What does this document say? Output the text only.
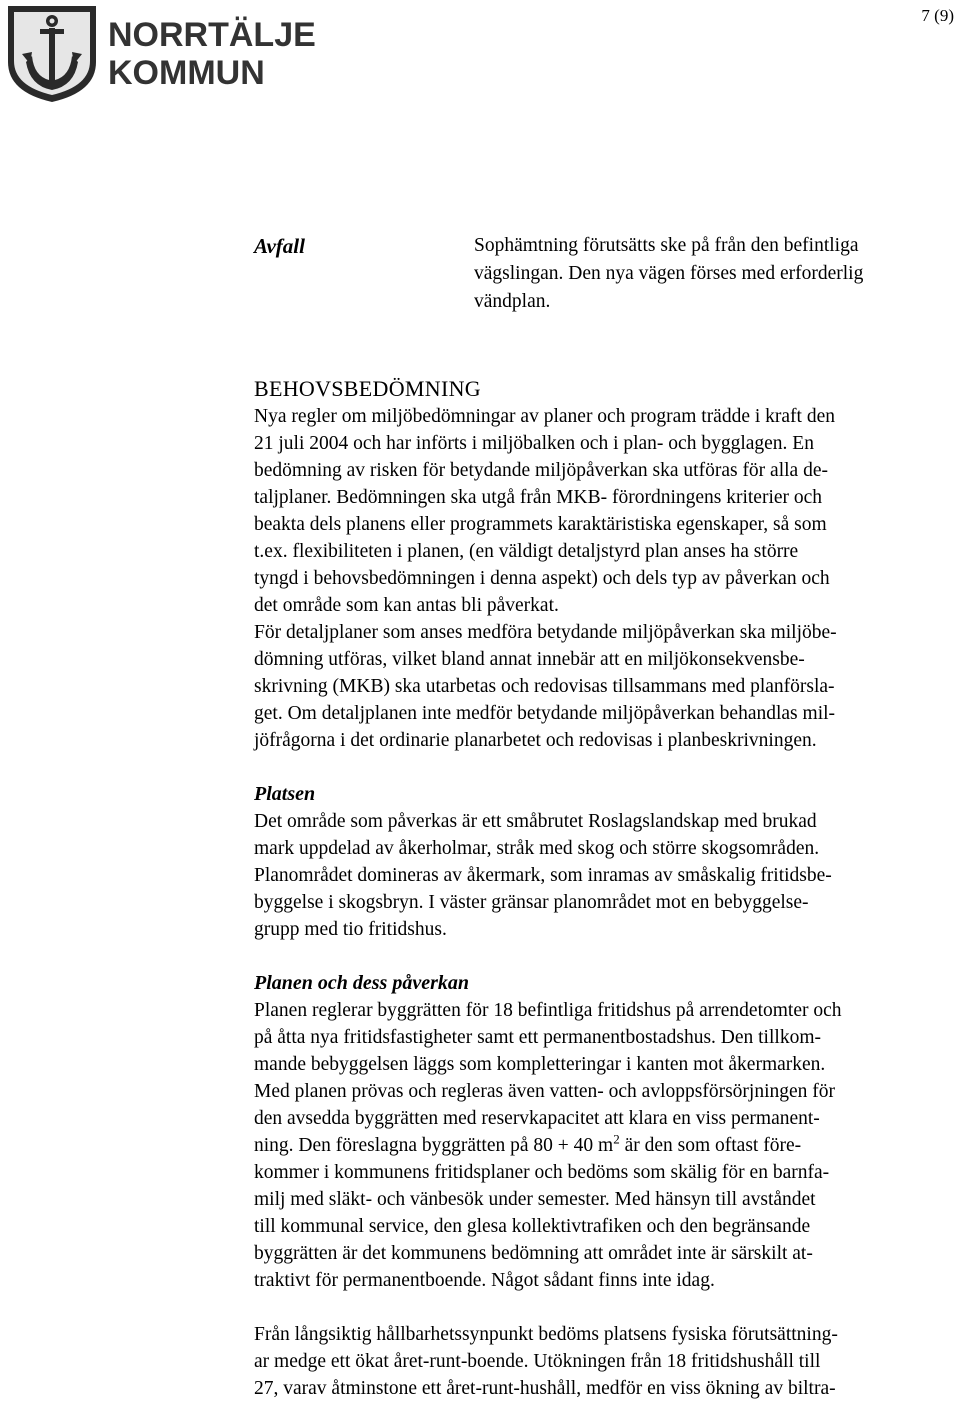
NORRTÄLJE
KOMMUN
7 (9)
Avfall	Sophämtning förutsätts ske på från den befintliga
vägslingan. Den nya vägen förses med erforderlig
vändplan.
BEHOVSBEDÖMNING

Nya regler om miljöbedömningar av planer och program trädde i kraft den
21 juli 2004 och har införts i miljöbalken och i plan- och bygglagen. En
bedömning av risken för betydande miljöpåverkan ska utföras för alla de-
taljplaner. Bedömningen ska utgå från MKB- förordningens kriterier och
beakta dels planens eller programmets karaktäristiska egenskaper, så som
t.ex. flexibiliteten i planen, (en väldigt detaljstyrd plan anses ha större
tyngd i behovsbedömningen i denna aspekt) och dels typ av påverkan och
det område som kan antas bli påverkat.

För detaljplaner som anses medföra betydande miljöpåverkan ska miljöbe-
dömning utföras, vilket bland annat innebär att en miljökonsekvensbe-
skrivning (MKB) ska utarbetas och redovisas tillsammans med planförsla-
get. Om detaljplanen inte medför betydande miljöpåverkan behandlas mil-
jöfrågorna i det ordinarie planarbetet och redovisas i planbeskrivningen.

Platsen

Det område som påverkas är ett småbrutet Roslagslandskap med brukad
mark uppdelad av åkerholmar, stråk med skog och större skogsområden.
Planområdet domineras av åkermark, som inramas av småskalig fritidsbe-
byggelse i skogsbryn. I väster gränsar planområdet mot en bebyggelse-
grupp med tio fritidshus.

Planen och dess påverkan

Planen reglerar byggrätten för 18 befintliga fritidshus på arrendetomter och
på åtta nya fritidsfastigheter samt ett permanentbostadshus. Den tillkom-
mande bebyggelsen läggs som kompletteringar i kanten mot åkermarken.
Med planen prövas och regleras även vatten- och avloppsförsörjningen för
den avsedda byggrätten med reservkapacitet att klara en viss permanent-
ning. Den föreslagna byggrätten på 80 + 40 $m^2$ är den som oftast före-
kommer i kommunens fritidsplaner och bedöms som skälig för en barnfa-
milj med släkt- och vänbesök under semester. Med hänsyn till avståndet
till kommunal service, den glesa kollektivtrafiken och den begränsande
byggrätten är det kommunens bedömning att området inte är särskilt at-
traktivt för permanentboende. Något sådant finns inte idag.

Från långsiktig hållbarhetssynpunkt bedöms platsens fysiska förutsättning-
ar medge ett ökat året-runt-boende. Utökningen från 18 fritidshushåll till
27, varav åtminstone ett året-runt-hushåll, medför en viss ökning av biltra-
